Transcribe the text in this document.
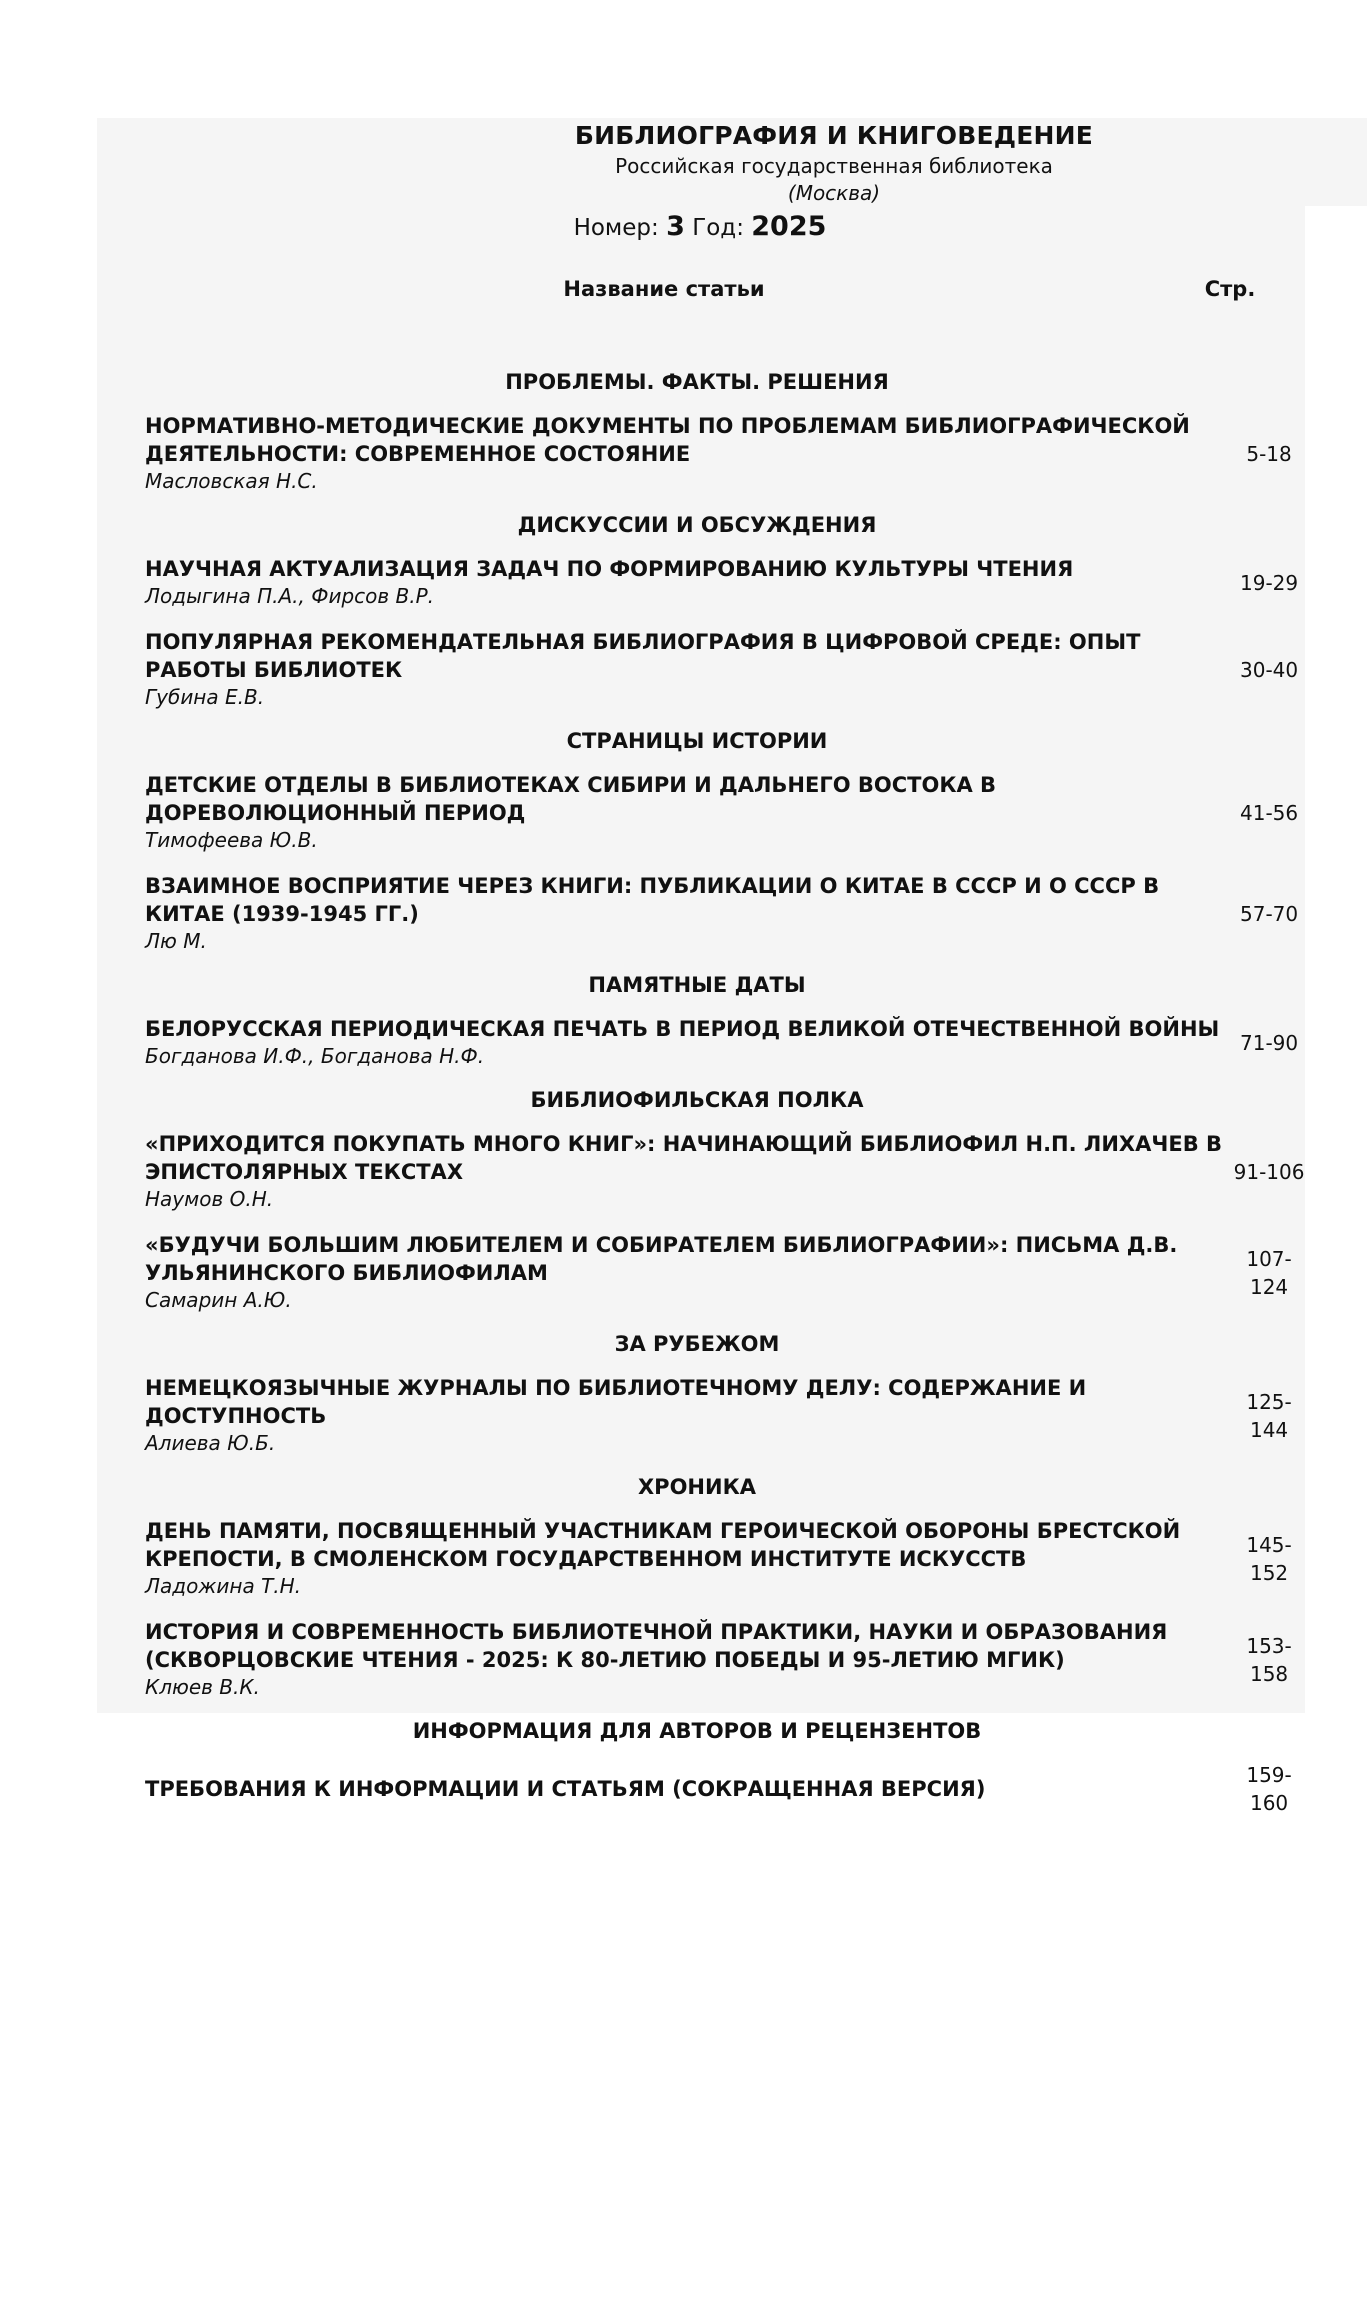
БИБЛИОГРАФИЯ И КНИГОВЕДЕНИЕ
Российская государственная библиотека
(Москва)
Номер: 3 Год: 2025
Название статьи	Стр.
ПРОБЛЕМЫ. ФАКТЫ. РЕШЕНИЯ
НОРМАТИВНО-МЕТОДИЧЕСКИЕ ДОКУМЕНТЫ ПО ПРОБЛЕМАМ БИБЛИОГРАФИЧЕСКОЙ ДЕЯТЕЛЬНОСТИ: СОВРЕМЕННОЕ СОСТОЯНИЕ
Масловская Н.С.
5-18
ДИСКУССИИ И ОБСУЖДЕНИЯ
НАУЧНАЯ АКТУАЛИЗАЦИЯ ЗАДАЧ ПО ФОРМИРОВАНИЮ КУЛЬТУРЫ ЧТЕНИЯ
Лодыгина П.А., Фирсов В.Р.
19-29
ПОПУЛЯРНАЯ РЕКОМЕНДАТЕЛЬНАЯ БИБЛИОГРАФИЯ В ЦИФРОВОЙ СРЕДЕ: ОПЫТ РАБОТЫ БИБЛИОТЕК
Губина Е.В.
30-40
СТРАНИЦЫ ИСТОРИИ
ДЕТСКИЕ ОТДЕЛЫ В БИБЛИОТЕКАХ СИБИРИ И ДАЛЬНЕГО ВОСТОКА В ДОРЕВОЛЮЦИОННЫЙ ПЕРИОД
Тимофеева Ю.В.
41-56
ВЗАИМНОЕ ВОСПРИЯТИЕ ЧЕРЕЗ КНИГИ: ПУБЛИКАЦИИ О КИТАЕ В СССР И О СССР В КИТАЕ (1939-1945 ГГ.)
Лю М.
57-70
ПАМЯТНЫЕ ДАТЫ
БЕЛОРУССКАЯ ПЕРИОДИЧЕСКАЯ ПЕЧАТЬ В ПЕРИОД ВЕЛИКОЙ ОТЕЧЕСТВЕННОЙ ВОЙНЫ
Богданова И.Ф., Богданова Н.Ф.
71-90
БИБЛИОФИЛЬСКАЯ ПОЛКА
«ПРИХОДИТСЯ ПОКУПАТЬ МНОГО КНИГ»: НАЧИНАЮЩИЙ БИБЛИОФИЛ Н.П. ЛИХАЧЕВ В ЭПИСТОЛЯРНЫХ ТЕКСТАХ
Наумов О.Н.
91-106
«БУДУЧИ БОЛЬШИМ ЛЮБИТЕЛЕМ И СОБИРАТЕЛЕМ БИБЛИОГРАФИИ»: ПИСЬМА Д.В. УЛЬЯНИНСКОГО БИБЛИОФИЛАМ
Самарин А.Ю.
107-124
ЗА РУБЕЖОМ
НЕМЕЦКОЯЗЫЧНЫЕ ЖУРНАЛЫ ПО БИБЛИОТЕЧНОМУ ДЕЛУ: СОДЕРЖАНИЕ И ДОСТУПНОСТЬ
Алиева Ю.Б.
125-144
ХРОНИКА
ДЕНЬ ПАМЯТИ, ПОСВЯЩЕННЫЙ УЧАСТНИКАМ ГЕРОИЧЕСКОЙ ОБОРОНЫ БРЕСТСКОЙ КРЕПОСТИ, В СМОЛЕНСКОМ ГОСУДАРСТВЕННОМ ИНСТИТУТЕ ИСКУССТВ
Ладожина Т.Н.
145-152
ИСТОРИЯ И СОВРЕМЕННОСТЬ БИБЛИОТЕЧНОЙ ПРАКТИКИ, НАУКИ И ОБРАЗОВАНИЯ (СКВОРЦОВСКИЕ ЧТЕНИЯ - 2025: К 80-ЛЕТИЮ ПОБЕДЫ И 95-ЛЕТИЮ МГИК)
Клюев В.К.
153-158
ИНФОРМАЦИЯ ДЛЯ АВТОРОВ И РЕЦЕНЗЕНТОВ
ТРЕБОВАНИЯ К ИНФОРМАЦИИ И СТАТЬЯМ (СОКРАЩЕННАЯ ВЕРСИЯ)
159-160
